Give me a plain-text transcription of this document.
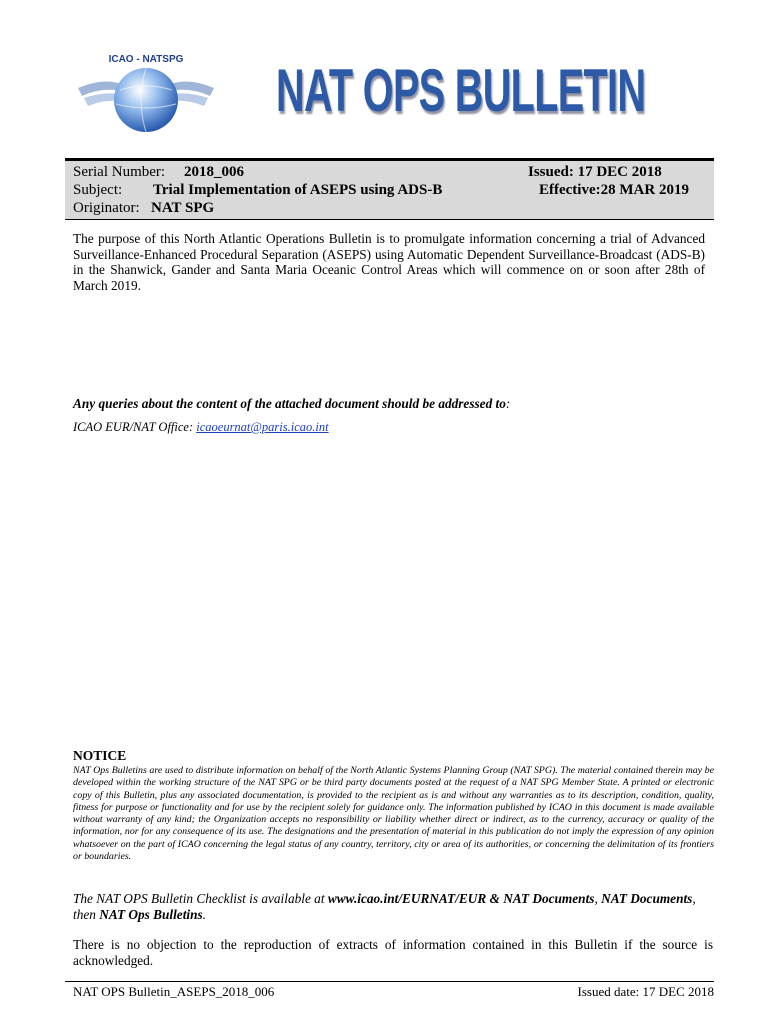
ICAO - NATSPG NAT OPS BULLETIN
Serial Number: 2018_006
Subject: Trial Implementation of ASEPS using ADS-B
Originator: NAT SPG
Issued: 17 DEC 2018
Effective:28 MAR 2019
The purpose of this North Atlantic Operations Bulletin is to promulgate information concerning a trial of Advanced Surveillance-Enhanced Procedural Separation (ASEPS) using Automatic Dependent Surveillance-Broadcast (ADS-B) in the Shanwick, Gander and Santa Maria Oceanic Control Areas which will commence on or soon after 28th of March 2019.
Any queries about the content of the attached document should be addressed to:
ICAO EUR/NAT Office: icaoeurnat@paris.icao.int
NOTICE
NAT Ops Bulletins are used to distribute information on behalf of the North Atlantic Systems Planning Group (NAT SPG). The material contained therein may be developed within the working structure of the NAT SPG or be third party documents posted at the request of a NAT SPG Member State. A printed or electronic copy of this Bulletin, plus any associated documentation, is provided to the recipient as is and without any warranties as to its description, condition, quality, fitness for purpose or functionality and for use by the recipient solely for guidance only. The information published by ICAO in this document is made available without warranty of any kind; the Organization accepts no responsibility or liability whether direct or indirect, as to the currency, accuracy or quality of the information, nor for any consequence of its use. The designations and the presentation of material in this publication do not imply the expression of any opinion whatsoever on the part of ICAO concerning the legal status of any country, territory, city or area of its authorities, or concerning the delimitation of its frontiers or boundaries.
The NAT OPS Bulletin Checklist is available at www.icao.int/EURNAT/EUR & NAT Documents, NAT Documents, then NAT Ops Bulletins.
There is no objection to the reproduction of extracts of information contained in this Bulletin if the source is acknowledged.
NAT OPS Bulletin_ASEPS_2018_006	Issued date: 17 DEC 2018
